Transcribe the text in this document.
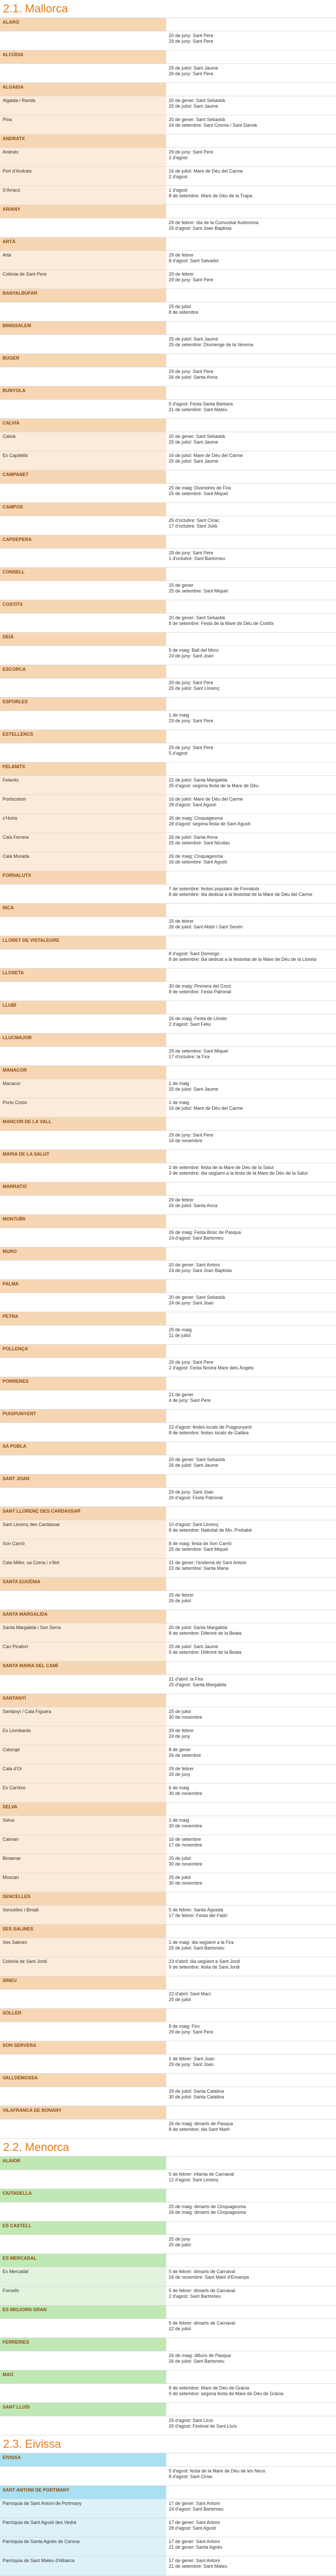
2.1. Mallorca
ALARÓ
20 de juny: Sant Pere
29 de juny: Sant Pere
ALCÚDIA
25 de juliol: Sant Jaume
26 de juny: Sant Pere
ALGAIDA
Algaida i Randa	20 de gener: Sant Sebastià
25 de juliol: Sant Jaume
Pina	20 de gener: Sant Sebastià
24 de setembre: Sant Cosme i Sant Damià
ANDRATX
Andratx	29 de juny: Sant Pere
2 d'agost
Port d'Andratx	16 de juliol: Mare de Déu del Carme
2 d'agost
S'Arracó	1 d'agost
8 de setembre: Mare de Déu de la Trapa
ARIANY
29 de febrer: dia de la Comunitat Autònoma
25 d'agost: Sant Joan Baptista
ARTÀ
Artà	29 de febrer
8 d'agost: Sant Salvador
Colònia de Sant Pere	29 de febrer
29 de juny: Sant Pere
BANYALBUFAR
25 de juliol
8 de setembre
BINISSALEM
25 de juliol: Sant Jaume
25 de setembre: Diumenge de la Verema
BÚGER
29 de juny: Sant Pere
26 de juliol: Santa Anna
BUNYOLA
5 d'agost: Festa Santa Bàrbara
21 de setembre: Sant Mateu
CALVIÀ
Calvià	20 de gener: Sant Sebastià
25 de juliol: Sant Jaume
Es Capdellà	16 de juliol: Mare de Déu del Carme
25 de juliol: Sant Jaume
CAMPANET
25 de maig: Divendres de Fira
25 de setembre: Sant Miquel
CAMPOS
25 d'octubre: Sant Ciriac
17 d'octubre: Sant Julià
CAPDEPERA
29 de juny: Sant Pere
1 d'octubre: Sant Bartomeu
CONSELL
25 de gener
25 de setembre: Sant Miquel
COSTITX
20 de gener: Sant Sebastià
8 de setembre: Festa de la Mare de Déu de Costitx
DEIÀ
5 de maig: Ball del Moro
24 de juny: Sant Joan
ESCORCA
29 de juny: Sant Pere
25 de juliol: Sant Llorenç
ESPORLES
1 de maig
29 de juny: Sant Pere
ESTELLENCS
29 de juny: Sant Pere
5 d'agost
FELANITX
Felanitx	22 de juliol: Santa Margalida
25 d'agost: segona festa de la Mare de Déu
Portocolom	16 de juliol: Mare de Déu del Carme
28 d'agost: Sant Agustí
s'Horta	26 de maig: Cinquagesma
28 d'agost: segona festa de Sant Agustí
Cala Ferrera	26 de juliol: Santa Anna
25 de setembre: Sant Nicolau
Cala Murada	26 de maig: Cinquagesma
16 de setembre: Sant Agustí
FORNALUTX
7 de setembre: festes populars de Fornalutx
8 de setembre: dia dedicat a la festivitat de la Mare de Déu del Carme
INCA
25 de febrer
26 de juliol: Sant Abdó i Sant Senén
LLORET DE VISTALEGRE
8 d'agost: Sant Domingo
8 de setembre: dia dedicat a la festivitat de la Mare de Déu de la Lloreta
LLOSETA
30 de maig: Pinmera del Cocó
8 de setembre: Festa Patronal
LLUBÍ
26 de maig: Festa de Llímits
2 d'agost: Sant Feliu
LLUCMAJOR
29 de setembre: Sant Miquel
17 d'octubre: la Fira
MANACOR
Manacor	1 de maig
25 de juliol: Sant Jaume
Porto Cristo	1 de maig
16 de juliol: Mare de Déu del Carme
MANCOR DE LA VALL
29 de juny: Sant Pere
16 de novembre
MARIA DE LA SALUT
2 de setembre: festa de la Mare de Déu de la Salut
3 de setembre: dia següent a la festa de la Mare de Déu de la Salut
MARRATXÍ
29 de febrer
26 de juliol: Santa Anna
MONTUÏRI
26 de maig: Festa Bosc de Pasqua
24 d'agost: Sant Bartomeu
MURO
20 de gener: Sant Antoni
24 de juny: Sant Joan Baptista
PALMA
20 de gener: Sant Sebastià
24 de juny: Sant Joan
PETRA
25 de maig
11 de juliol
POLLENÇA
29 de juny: Sant Pere
2 d'agost: Festa Nostra Mare dels Àngels
PORRERES
21 de gener
4 de juny: Sant Pere
PUIGPUNYENT
22 d'agost: festes locals de Puigpunyent
8 de setembre: festes locals de Galilea
SA POBLA
20 de gener: Sant Sebastià
26 de juliol: Sant Jaume
SANT JOAN
29 de juny: Sant Joan
26 d'agost: Festa Patronal
SANT LLORENÇ DES CARDASSAR
Sant Llorenç des Cardassar	10 d'agost: Sant Llorenç
8 de setembre: Nativitat de Mn. Probabé
Son Carrió	8 de maig: festa de Son Carrió
25 de setembre: Sant Miquel
Cala Millor, sa Coma i s'Illot	21 de gener: l'endemà de Sant Antoni
22 de setembre: Santa Maria
SANTA EUGÈNIA
25 de febrer
26 de juliol
SANTA MARGALIDA
Santa Margalida i Son Serra	20 de juliol: Santa Margalida
8 de setembre: Diferinit de la Beata
Can Picafort	25 de juliol: Sant Jaume
9 de setembre: Diferinit de la Beata
SANTA MARIA DEL CAMÍ
21 d'abril: la Fira
25 d'agost: Santa Margalida
SANTANYÍ
Santanyí / Cala Figuera	25 de juliol
30 de novembre
Es Llombards	29 de febrer
24 de juny
Calonge	8 de gener
26 de setembre
Cala d'Or	29 de febrer
26 de juny
Es Carritxó	6 de maig
30 de novembre
SELVA
Selva	1 de maig
30 de novembre
Caimari	16 de setembre
17 de novembre
Biniamar	25 de juliol
30 de novembre
Moscari	25 de juliol
30 de novembre
SENCELLES
Sencelles i Biniali	5 de febrer: Santa Àgueda
17 de febrer: Festa del Fadrí
SES SALINES
Ses Salines	1 de maig: dia següent a la Fira
25 de juliol: Sant Bartomeu
Colònia de Sant Jordi	23 d'abril: dia següent a Sant Jordi
9 de setembre: festa de Sant Jordi
SINEU
22 d'abril: Sant Marc
25 de juliol
SÓLLER
8 de maig: Firo
29 de juny: Sant Pere
SON SERVERA
1 de febrer: Sant Joan
29 de juny: Sant Joan
VALLDEMOSSA
29 de juliol: Santa Catalina
30 de juliol: Santa Catalina
VILAFRANCA DE BONANY
26 de maig: dimarts de Pasqua
8 de setembre: dia Sant Martí
2.2. Menorca
ALAIOR
5 de febrer: infanta de Carnaval
12 d'agost: Sant Llorenç
CIUTADELLA
25 de maig: dimarts de Cinquagesma
26 de maig: dimarts de Cinquagesma
ES CASTELL
25 de juny
25 de juliol
ES MERCADAL
Es Mercadal	5 de febrer: dimarts de Carnaval
16 de novembre: Sant Martí d'Ensenya
Fornells	5 de febrer: dimarts de Carnaval
2 d'agost: Sant Bartomeu
ES MIGJORN GRAN
5 de febrer: dimarts de Carnaval
22 de juliol
FERRERIES
26 de maig: dilluns de Pasqua
26 de juliol: Sant Bartomeu
MAÓ
8 de setembre: Mare de Déu de Gràcia
9 de setembre: segona festa de Mare de Déu de Gràcia
SANT LLUÍS
25 d'agost: Sant Lluís
26 d'agost: Festival de Sant Lluís
2.3. Eivissa
EIVISSA
5 d'agost: festa de la Mare de Déu de les Neus
8 d'agost: Sant Ciriac
SANT ANTONI DE PORTMANY
Parròquia de Sant Antoni de Portmany	17 de gener: Sant Antoni
24 d'agost: Sant Bartomeu
Parròquia de Sant Agustí des Vedrà	17 de gener: Sant Antoni
28 d'agost: Sant Agustí
Parròquia de Santa Agnès de Corona	17 de gener: Sant Antoni
21 de gener: Santa Agnès
Parròquia de Sant Mateu d'Albarca	17 de gener: Sant Antoni
21 de setembre: Sant Mateu
